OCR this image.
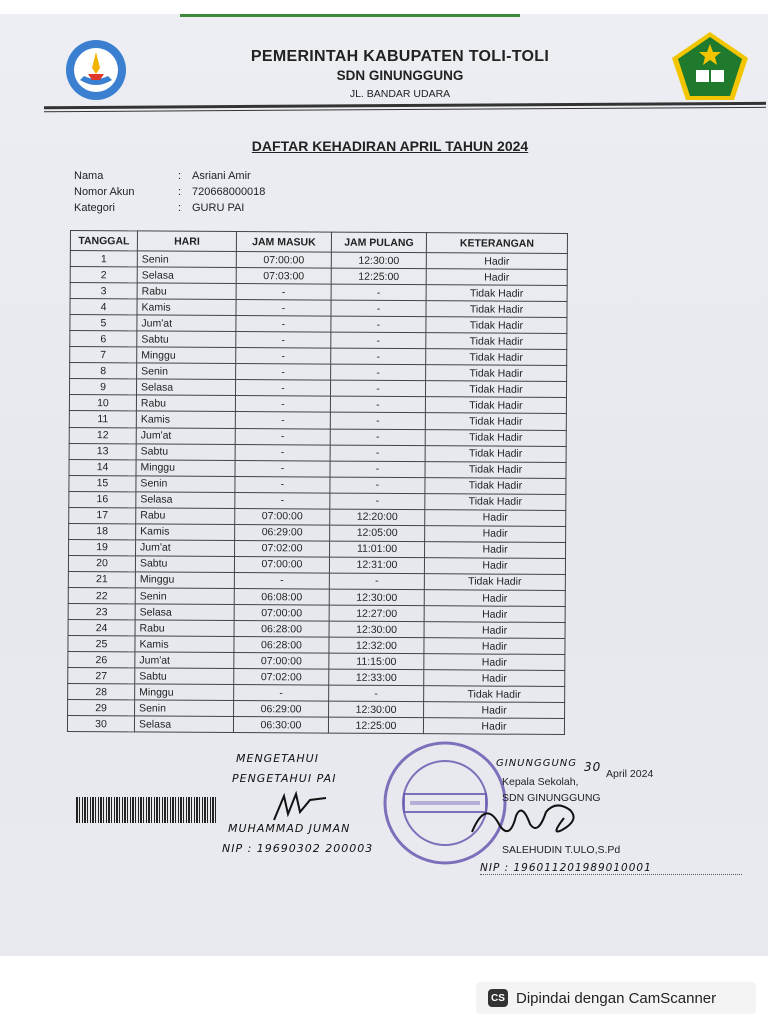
PEMERINTAH KABUPATEN TOLI-TOLI
SDN GINUNGGUNG
JL. BANDAR UDARA
DAFTAR KEHADIRAN APRIL TAHUN 2024
Nama	: Asriani Amir
Nomor Akun	: 720668000018
Kategori	: GURU PAI
TANGGAL	HARI	JAM MASUK	JAM PULANG	KETERANGAN
1	Senin	07:00:00	12:30:00	Hadir
2	Selasa	07:03:00	12:25:00	Hadir
3	Rabu	-	-	Tidak Hadir
4	Kamis	-	-	Tidak Hadir
5	Jum'at	-	-	Tidak Hadir
6	Sabtu	-	-	Tidak Hadir
7	Minggu	-	-	Tidak Hadir
8	Senin	-	-	Tidak Hadir
9	Selasa	-	-	Tidak Hadir
10	Rabu	-	-	Tidak Hadir
11	Kamis	-	-	Tidak Hadir
12	Jum'at	-	-	Tidak Hadir
13	Sabtu	-	-	Tidak Hadir
14	Minggu	-	-	Tidak Hadir
15	Senin	-	-	Tidak Hadir
16	Selasa	-	-	Tidak Hadir
17	Rabu	07:00:00	12:20:00	Hadir
18	Kamis	06:29:00	12:05:00	Hadir
19	Jum'at	07:02:00	11:01:00	Hadir
20	Sabtu	07:00:00	12:31:00	Hadir
21	Minggu	-	-	Tidak Hadir
22	Senin	06:08:00	12:30:00	Hadir
23	Selasa	07:00:00	12:27:00	Hadir
24	Rabu	06:28:00	12:30:00	Hadir
25	Kamis	06:28:00	12:32:00	Hadir
26	Jum'at	07:00:00	11:15:00	Hadir
27	Sabtu	07:02:00	12:33:00	Hadir
28	Minggu	-	-	Tidak Hadir
29	Senin	06:29:00	12:30:00	Hadir
30	Selasa	06:30:00	12:25:00	Hadir
MENGETAHUI
PENGETAHUI PAI
MUHAMMAD JUMAN
NIP : 19690302 200003
GINUNGGUNG 30 April 2024
Kepala Sekolah,
SDN GINUNGGUNG
SALEHUDIN T.ULO,S.Pd
NIP : 196011201989010001
CS Dipindai dengan CamScanner
